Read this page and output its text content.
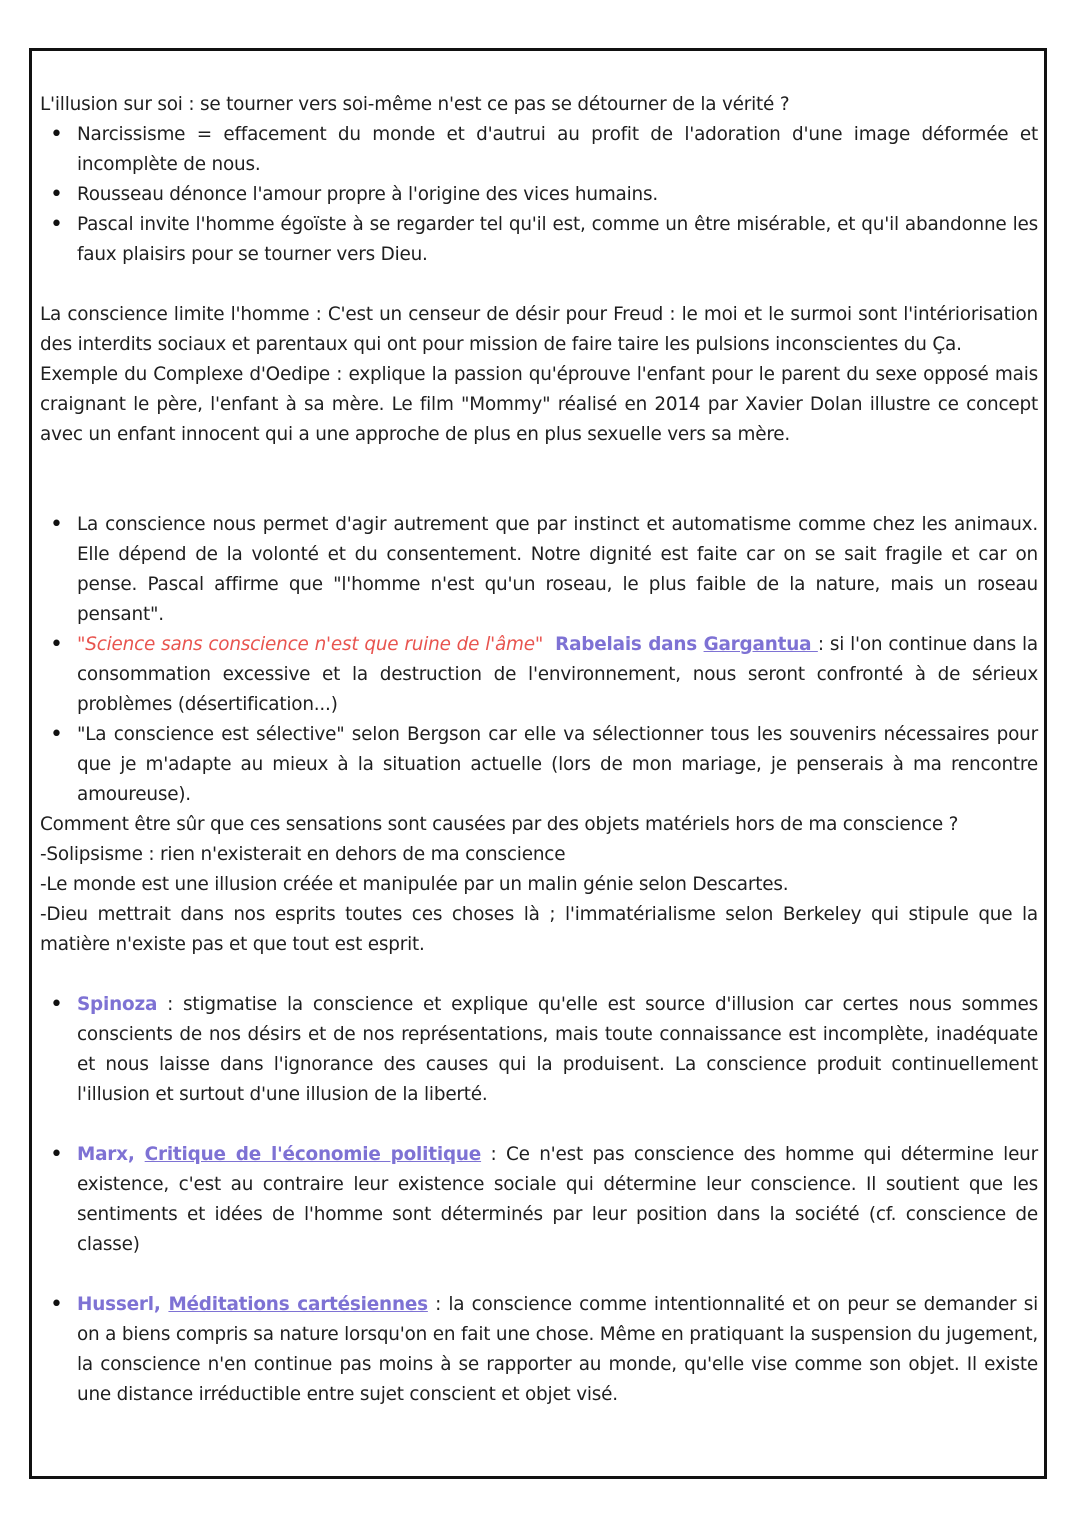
L'illusion sur soi : se tourner vers soi-même n'est ce pas se détourner de la vérité ?

• Narcissisme = effacement du monde et d'autrui au profit de l'adoration d'une image déformée et incomplète de nous.
• Rousseau dénonce l'amour propre à l'origine des vices humains.
• Pascal invite l'homme égoïste à se regarder tel qu'il est, comme un être misérable, et qu'il abandonne les faux plaisirs pour se tourner vers Dieu.

La conscience limite l'homme : C'est un censeur de désir pour Freud : le moi et le surmoi sont l'intériorisation des interdits sociaux et parentaux qui ont pour mission de faire taire les pulsions inconscientes du Ça.

Exemple du Complexe d'Oedipe : explique la passion qu'éprouve l'enfant pour le parent du sexe opposé mais craignant le père, l'enfant à sa mère. Le film "Mommy" réalisé en 2014 par Xavier Dolan illustre ce concept avec un enfant innocent qui a une approche de plus en plus sexuelle vers sa mère.

• La conscience nous permet d'agir autrement que par instinct et automatisme comme chez les animaux. Elle dépend de la volonté et du consentement. Notre dignité est faite car on se sait fragile et car on pense. Pascal affirme que "l'homme n'est qu'un roseau, le plus faible de la nature, mais un roseau pensant".
• "Science sans conscience n'est que ruine de l'âme" Rabelais dans Gargantua : si l'on continue dans la consommation excessive et la destruction de l'environnement, nous seront confronté à de sérieux problèmes (désertification...)
• "La conscience est sélective" selon Bergson car elle va sélectionner tous les souvenirs nécessaires pour que je m'adapte au mieux à la situation actuelle (lors de mon mariage, je penserais à ma rencontre amoureuse).

Comment être sûr que ces sensations sont causées par des objets matériels hors de ma conscience ?

-Solipsisme : rien n'existerait en dehors de ma conscience

-Le monde est une illusion créée et manipulée par un malin génie selon Descartes.

-Dieu mettrait dans nos esprits toutes ces choses là ; l'immatérialisme selon Berkeley qui stipule que la matière n'existe pas et que tout est esprit.

• Spinoza : stigmatise la conscience et explique qu'elle est source d'illusion car certes nous sommes conscients de nos désirs et de nos représentations, mais toute connaissance est incomplète, inadéquate et nous laisse dans l'ignorance des causes qui la produisent. La conscience produit continuellement l'illusion et surtout d'une illusion de la liberté.
• Marx, Critique de l'économie politique : Ce n'est pas conscience des homme qui détermine leur existence, c'est au contraire leur existence sociale qui détermine leur conscience. Il soutient que les sentiments et idées de l'homme sont déterminés par leur position dans la société (cf. conscience de classe)
• Husserl, Méditations cartésiennes : la conscience comme intentionnalité et on peur se demander si on a biens compris sa nature lorsqu'on en fait une chose. Même en pratiquant la suspension du jugement, la conscience n'en continue pas moins à se rapporter au monde, qu'elle vise comme son objet. Il existe une distance irréductible entre sujet conscient et objet visé.
